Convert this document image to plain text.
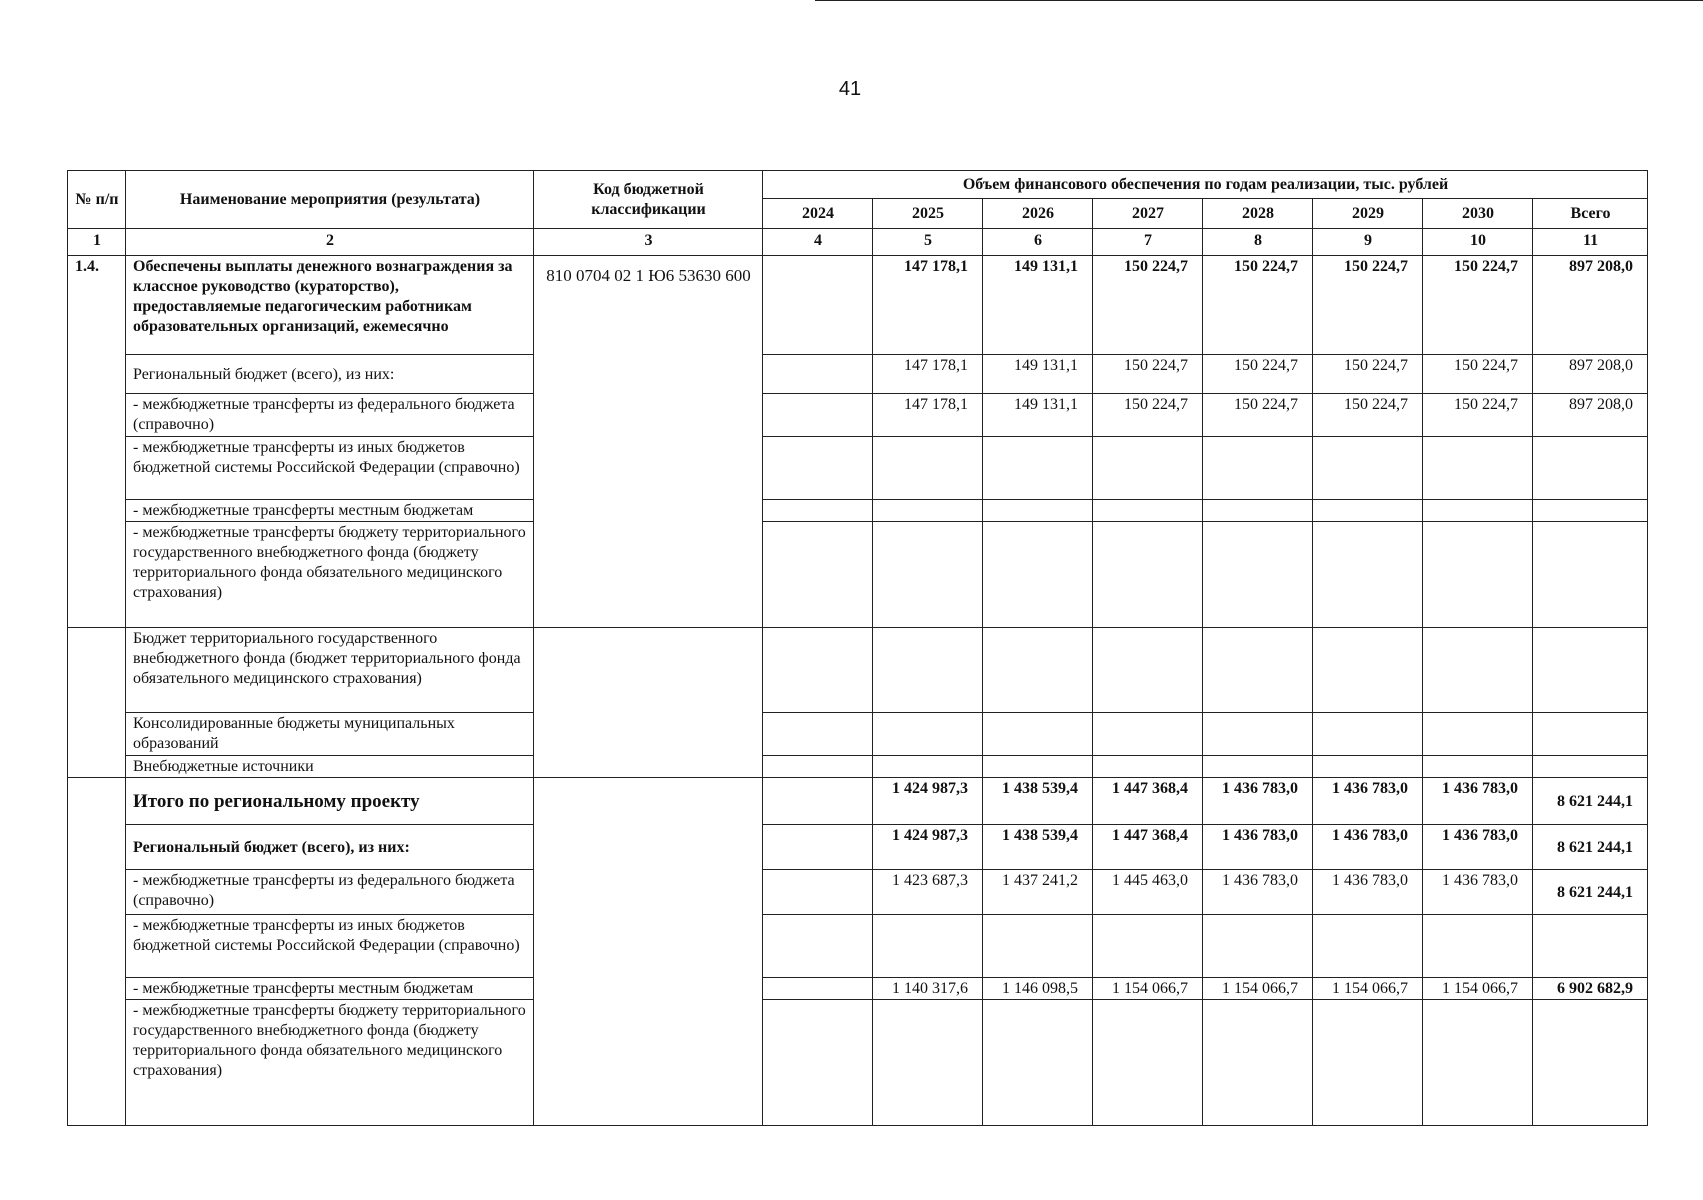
41
№ п/п	Наименование мероприятия (результата)	Код бюджетной классификации	Объем финансового обеспечения по годам реализации, тыс. рублей							
			2024	2025	2026	2027	2028	2029	2030	Всего
1	2	3	4	5	6	7	8	9	10	11
1.4.	Обеспечены выплаты денежного вознаграждения за классное руководство (кураторство), предоставляемые педагогическим работникам образовательных организаций, ежемесячно	810 0704 02 1 Ю6 53630 600		147 178,1	149 131,1	150 224,7	150 224,7	150 224,7	150 224,7	897 208,0
	Региональный бюджет (всего), из них:			147 178,1	149 131,1	150 224,7	150 224,7	150 224,7	150 224,7	897 208,0
	- межбюджетные трансферты из федерального бюджета (справочно)			147 178,1	149 131,1	150 224,7	150 224,7	150 224,7	150 224,7	897 208,0
	- межбюджетные трансферты из иных бюджетов бюджетной системы Российской Федерации (справочно)									
	- межбюджетные трансферты местным бюджетам									
	- межбюджетные трансферты бюджету территориального государственного внебюджетного фонда (бюджету территориального фонда обязательного медицинского страхования)									
	Бюджет территориального государственного внебюджетного фонда (бюджет территориального фонда обязательного медицинского страхования)									
	Консолидированные бюджеты муниципальных образований									
	Внебюджетные источники									
	Итого по региональному проекту			1 424 987,3	1 438 539,4	1 447 368,4	1 436 783,0	1 436 783,0	1 436 783,0	8 621 244,1
	Региональный бюджет (всего), из них:			1 424 987,3	1 438 539,4	1 447 368,4	1 436 783,0	1 436 783,0	1 436 783,0	8 621 244,1
	- межбюджетные трансферты из федерального бюджета (справочно)			1 423 687,3	1 437 241,2	1 445 463,0	1 436 783,0	1 436 783,0	1 436 783,0	8 621 244,1
	- межбюджетные трансферты из иных бюджетов бюджетной системы Российской Федерации (справочно)									
	- межбюджетные трансферты местным бюджетам			1 140 317,6	1 146 098,5	1 154 066,7	1 154 066,7	1 154 066,7	1 154 066,7	6 902 682,9
	- межбюджетные трансферты бюджету территориального государственного внебюджетного фонда (бюджету территориального фонда обязательного медицинского страхования)									
